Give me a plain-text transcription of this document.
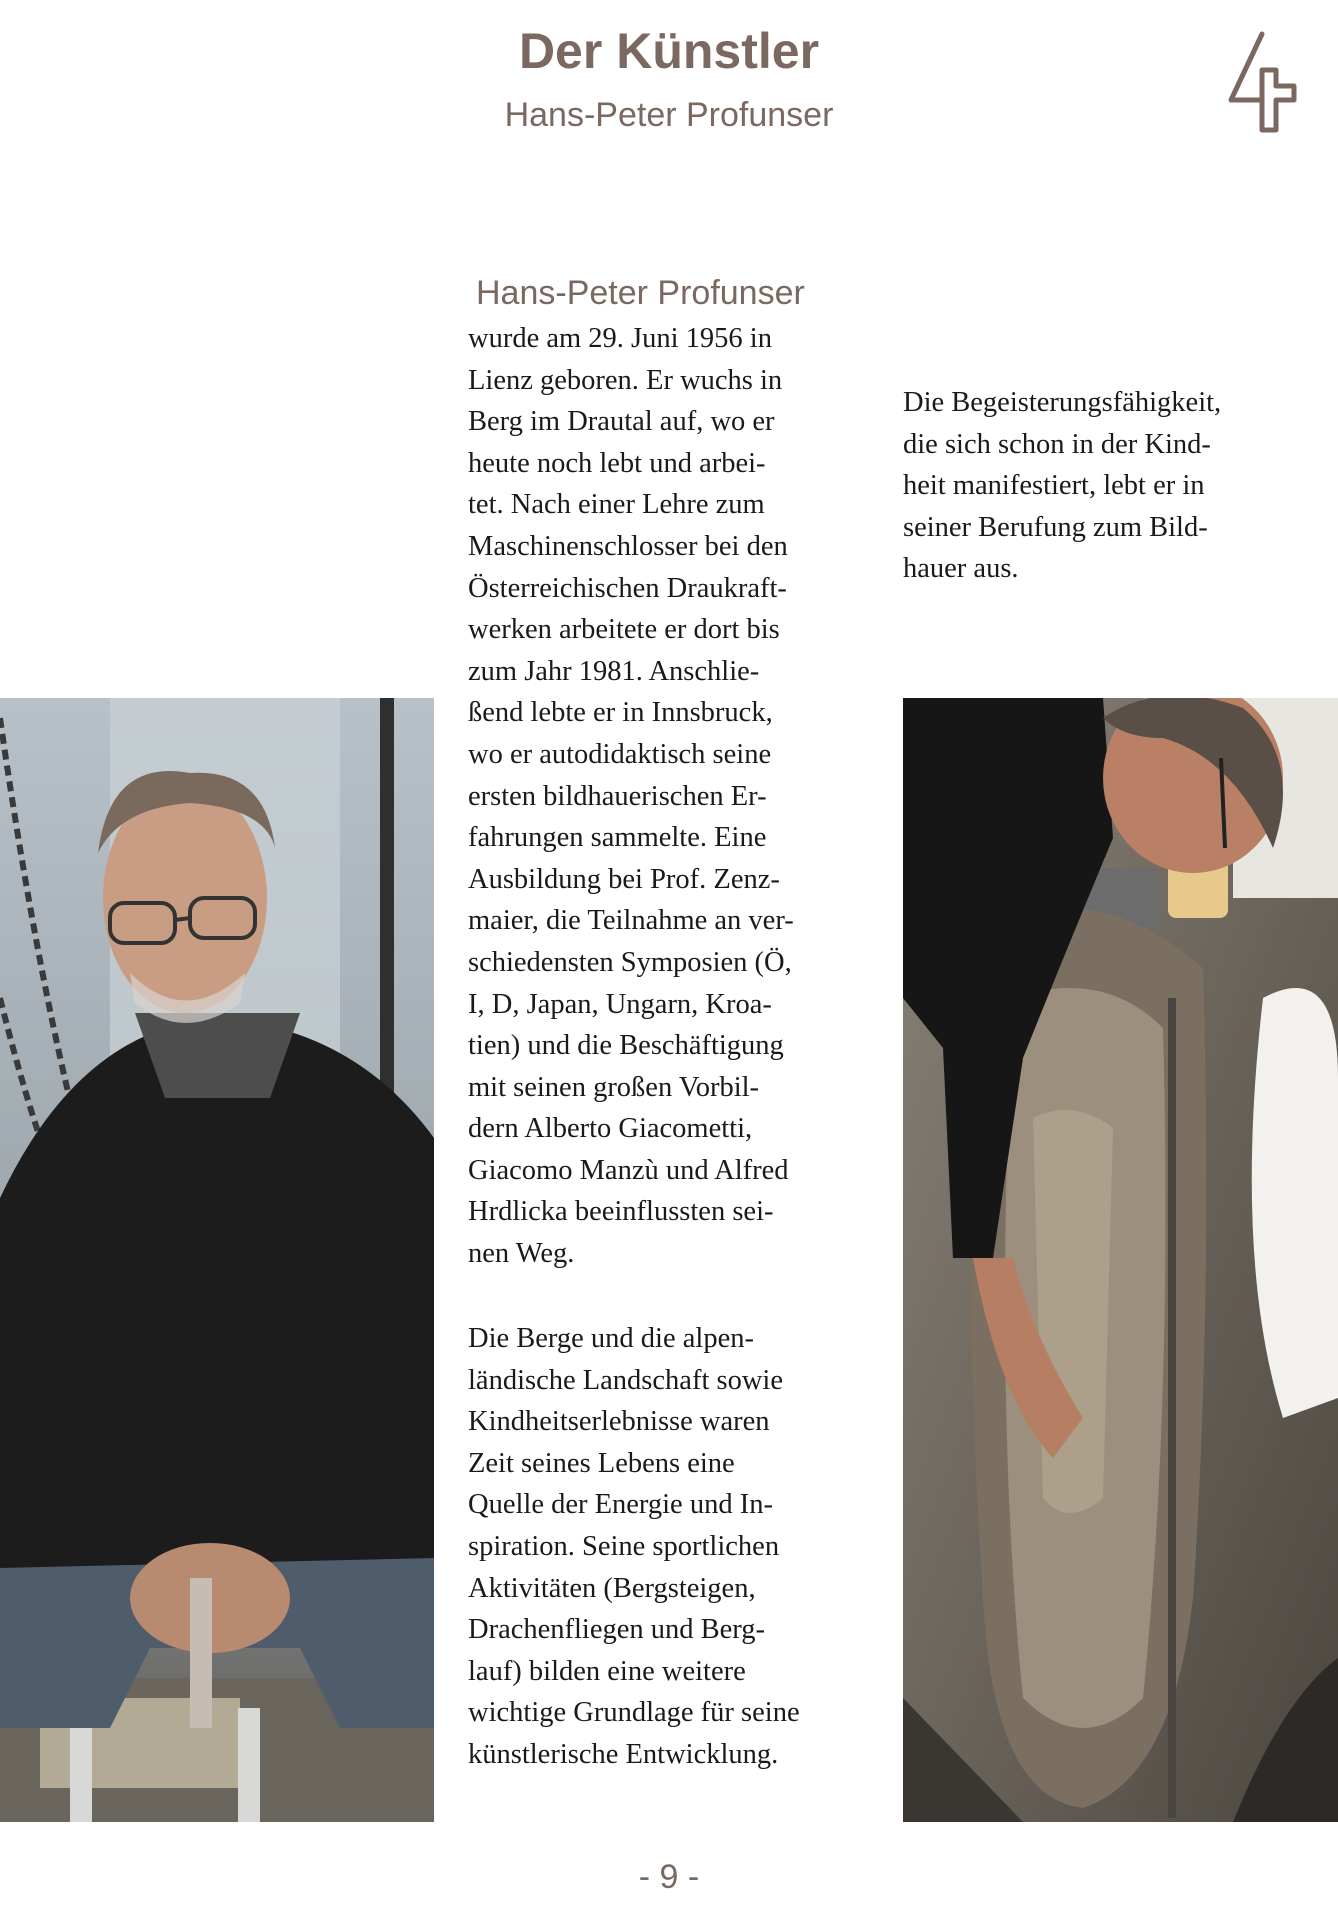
Der Künstler
Hans-Peter Profunser
Hans-Peter Profunser

wurde am 29. Juni 1956 in

Lienz geboren. Er wuchs in

Berg im Drautal auf, wo er

heute noch lebt und arbei-

tet. Nach einer Lehre zum

Maschinenschlosser bei den

Österreichischen Draukraft-

werken arbeitete er dort bis

zum Jahr 1981. Anschlie-

ßend lebte er in Innsbruck,

wo er autodidaktisch seine

ersten bildhauerischen Er-

fahrungen sammelte. Eine

Ausbildung bei Prof. Zenz-

maier, die Teilnahme an ver-

schiedensten Symposien (Ö,

I, D, Japan, Ungarn, Kroa-

tien) und die Beschäftigung

mit seinen großen Vorbil-

dern Alberto Giacometti,

Giacomo Manzù und Alfred

Hrdlicka beeinflussten sei-

nen Weg.

Die Berge und die alpen-

ländische Landschaft sowie

Kindheitserlebnisse waren

Zeit seines Lebens eine

Quelle der Energie und In-

spiration. Seine sportlichen

Aktivitäten (Bergsteigen,

Drachenfliegen und Berg-

lauf) bilden eine weitere

wichtige Grundlage für seine

künstlerische Entwicklung.

Die Begeisterungsfähigkeit,

die sich schon in der Kind-

heit manifestiert, lebt er in

seiner Berufung zum Bild-

hauer aus.

- 9 -
